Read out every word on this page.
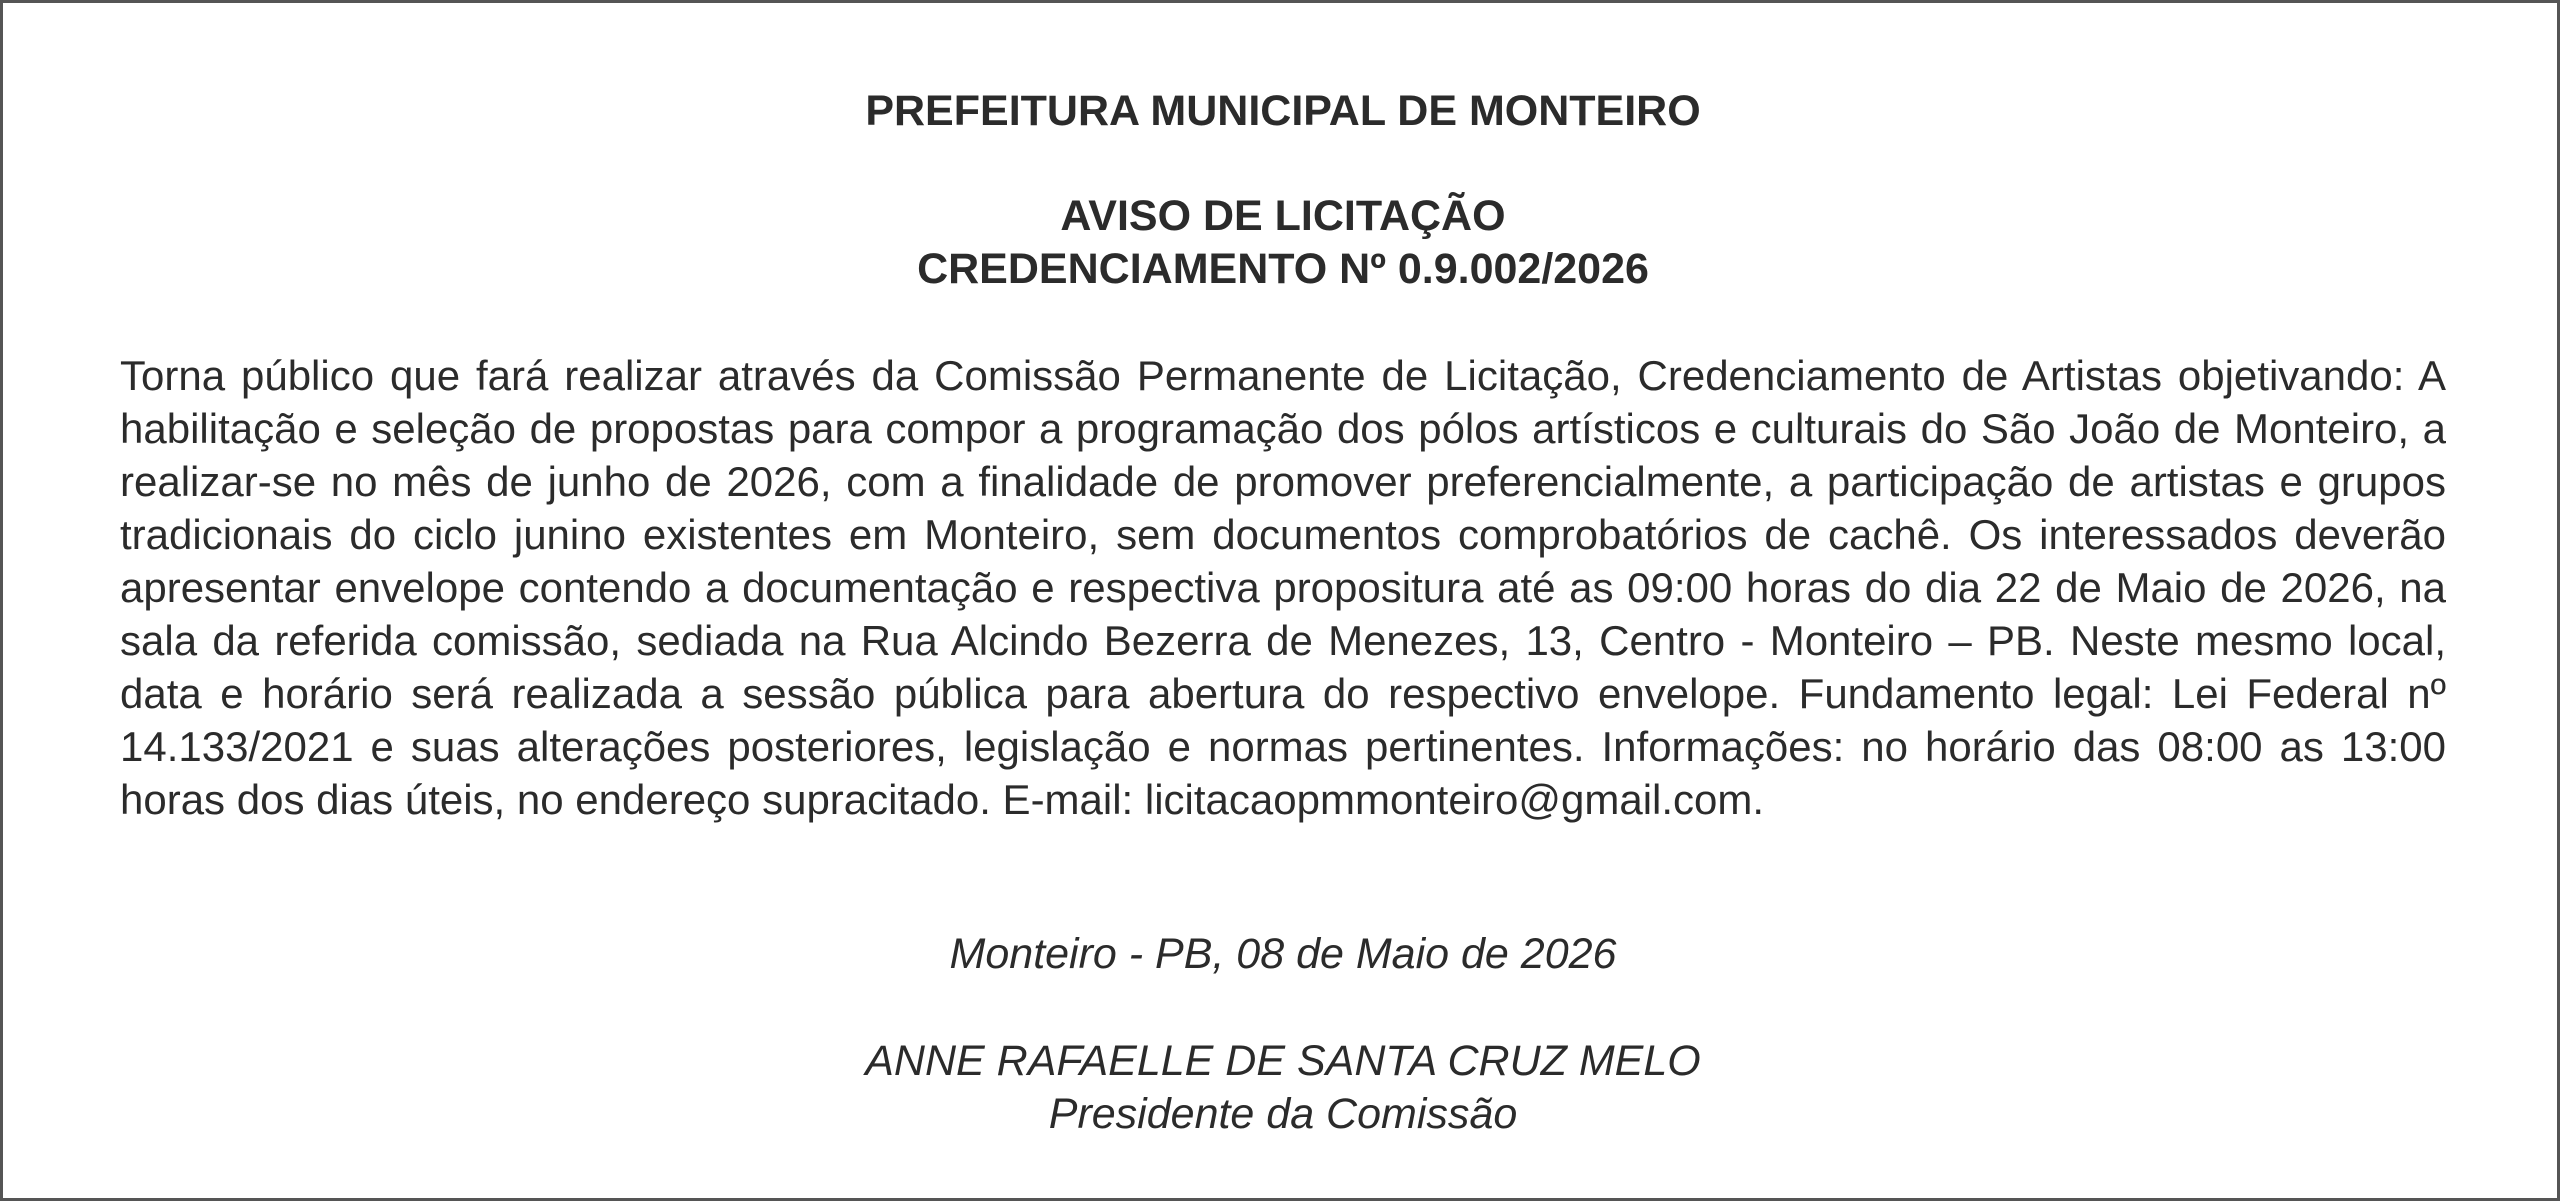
PREFEITURA MUNICIPAL DE MONTEIRO
AVISO DE LICITAÇÃO
CREDENCIAMENTO Nº 0.9.002/2026

Torna público que fará realizar através da Comissão Permanente de Licitação, Credenciamento de Artistas objetivando: A habilitação e seleção de propostas para compor a programação dos pólos artísticos e culturais do São João de Monteiro, a realizar-se no mês de junho de 2026, com a finalidade de promover preferencialmente, a participação de artistas e grupos tradicionais do ciclo junino existentes em Monteiro, sem documentos comprobatórios de cachê. Os interessados deverão apresentar envelope contendo a documentação e respectiva propositura até as 09:00 horas do dia 22 de Maio de 2026, na sala da referida comissão, sediada na Rua Alcindo Bezerra de Menezes, 13, Centro - Monteiro – PB. Neste mesmo local, data e horário será realizada a sessão pública para abertura do respectivo envelope. Fundamento legal: Lei Federal nº 14.133/2021 e suas alterações posteriores, legislação e normas pertinentes. Informações: no horário das 08:00 as 13:00 horas dos dias úteis, no endereço supracitado. E-mail: licitacaopmmonteiro@gmail.com.

Monteiro - PB, 08 de Maio de 2026
ANNE RAFAELLE DE SANTA CRUZ MELO
Presidente da Comissão
